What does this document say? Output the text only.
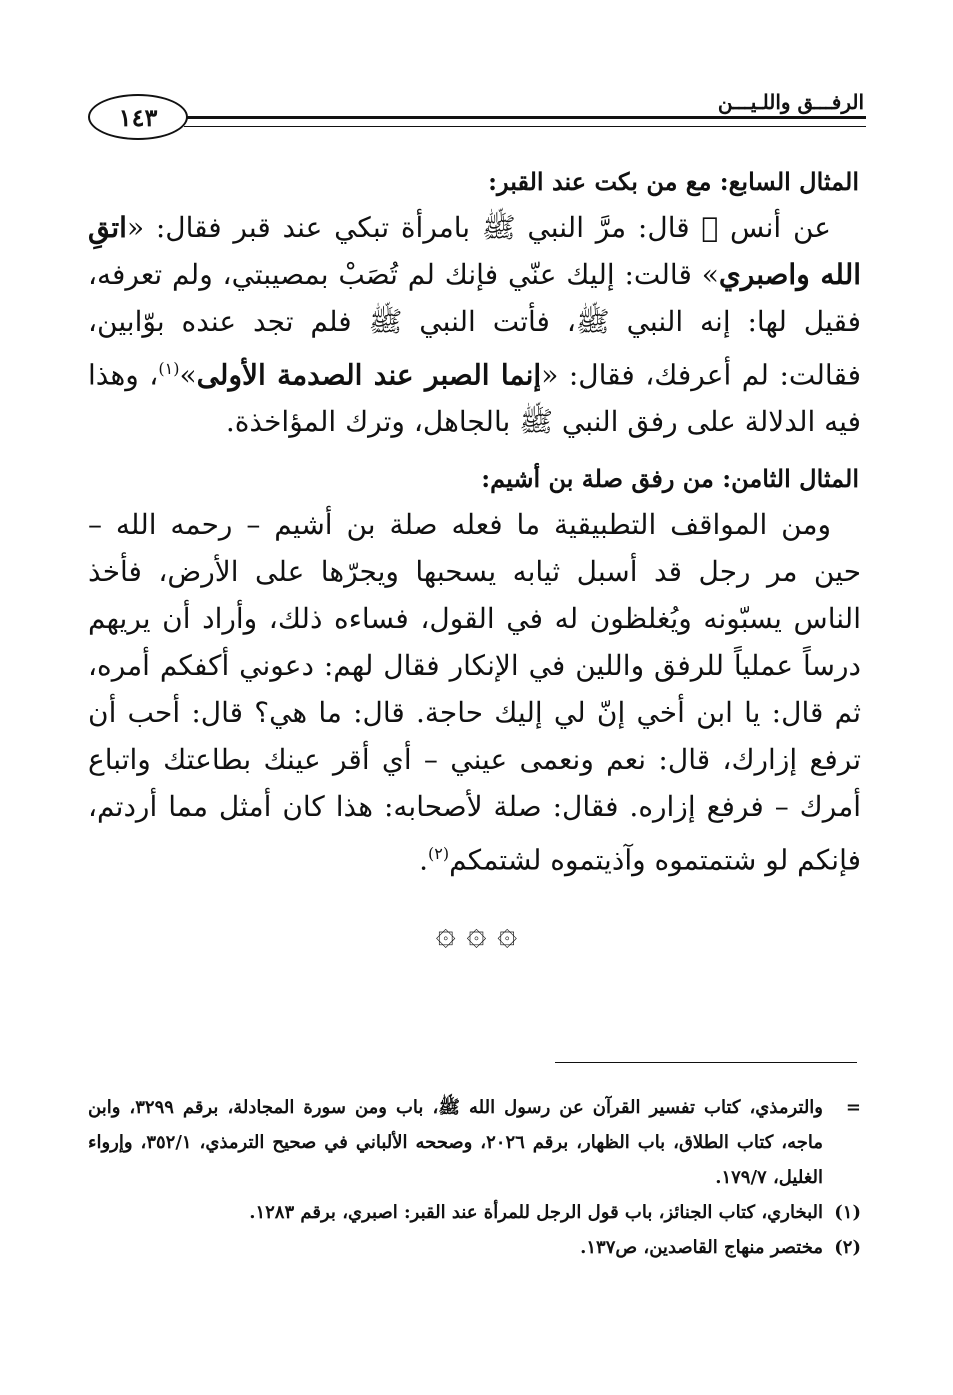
١٤٣
الرفـــق واللـيـــن
المثال السابع: مع من بكت عند القبر:

عن أنس ﷛ قال: مرَّ النبي ﷺ بامرأة تبكي عند قبر فقال: «اتقِ الله واصبري» قالت: إليك عنّي فإنك لم تُصَبْ بمصيبتي، ولم تعرفه، فقيل لها: إنه النبي ﷺ، فأتت النبي ﷺ فلم تجد عنده بوّابين، فقالت: لم أعرفك، فقال: «إنما الصبر عند الصدمة الأولى»$^{(١)}$، وهذا فيه الدلالة على رفق النبي ﷺ بالجاهل، وترك المؤاخذة.

المثال الثامن: من رفق صلة بن أشيم:

ومن المواقف التطبيقية ما فعله صلة بن أشيم – رحمه الله – حين مر رجل قد أسبل ثيابه يسحبها ويجرّها على الأرض، فأخذ الناس يسبّونه ويُغلظون له في القول، فساءه ذلك، وأراد أن يريهم درساً عملياً للرفق واللين في الإنكار فقال لهم: دعوني أكفكم أمره، ثم قال: يا ابن أخي إنّ لي إليك حاجة. قال: ما هي؟ قال: أحب أن ترفع إزارك، قال: نعم ونعمى عيني – أي أقر عينك بطاعتك واتباع أمرك – فرفع إزاره. فقال: صلة لأصحابه: هذا كان أمثل مما أردتم، فإنكم لو شتمتموه وآذيتموه لشتمكم$^{(٢)}$.

۞ ۞ ۞
=
والترمذي، كتاب تفسير القرآن عن رسول الله ﷺ، باب ومن سورة المجادلة، برقم ٣٢٩٩، وابن ماجه، كتاب الطلاق، باب الظهار، برقم ٢٠٢٦، وصححه الألباني في صحيح الترمذي، ٣٥٢/١، وإرواء الغليل، ١٧٩/٧.
(١)
البخاري، كتاب الجنائز، باب قول الرجل للمرأة عند القبر: اصبري، برقم ١٢٨٣.
(٢)
مختصر منهاج القاصدين، ص١٣٧.
